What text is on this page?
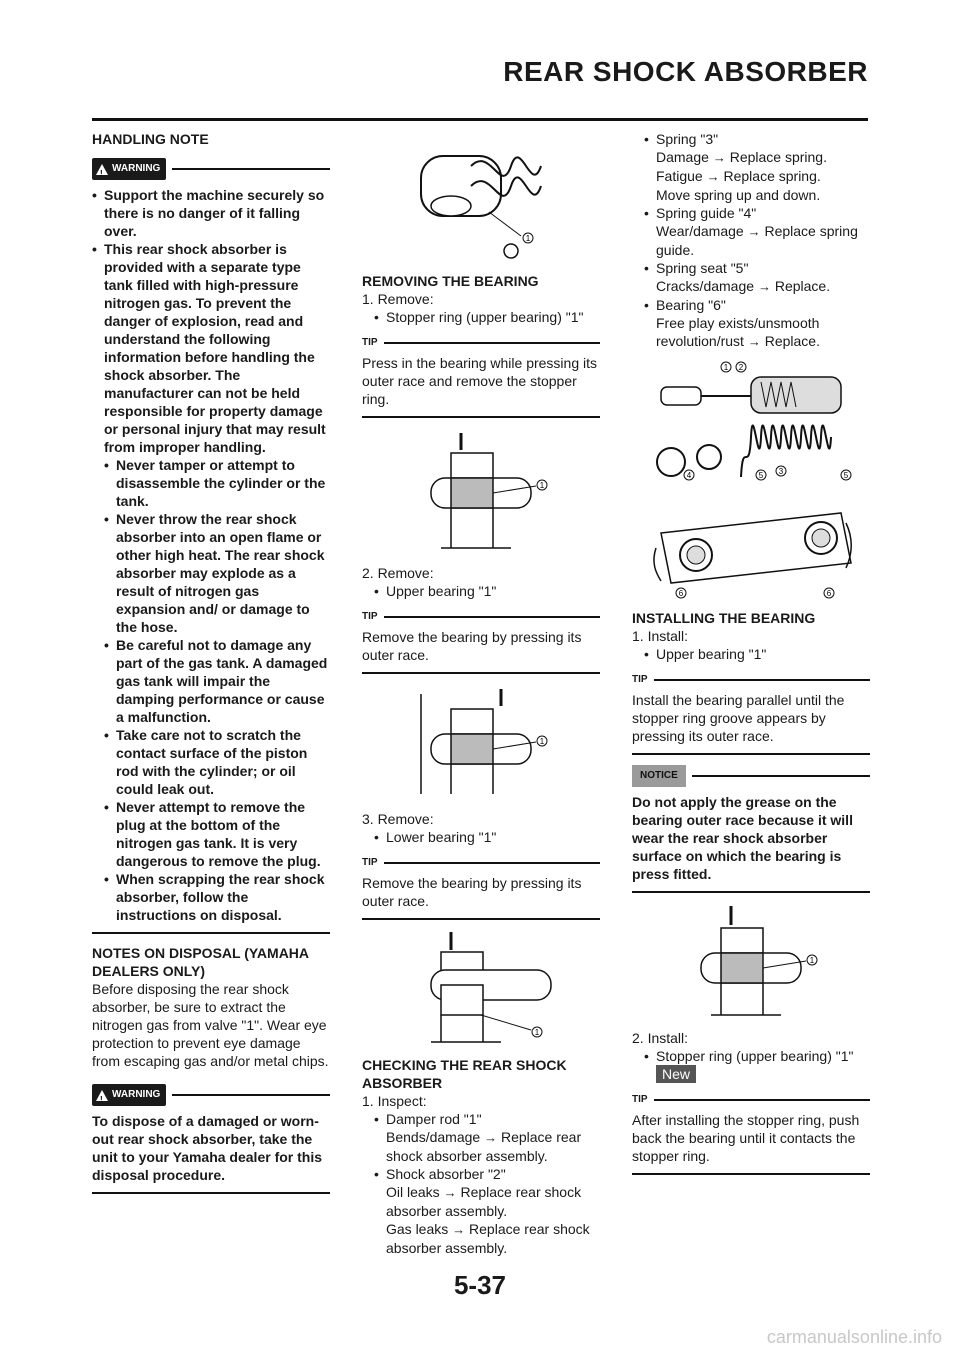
REAR SHOCK ABSORBER

HANDLING NOTE

! WARNING
• Support the machine securely so there is no danger of it falling over.
• This rear shock absorber is provided with a separate type tank filled with high-pressure nitrogen gas. To prevent the danger of explosion, read and understand the following information before handling the shock absorber. The manufacturer can not be held responsible for property damage or personal injury that may result from improper handling.
• Never tamper or attempt to disassemble the cylinder or the tank.
• Never throw the rear shock absorber into an open flame or other high heat. The rear shock absorber may explode as a result of nitrogen gas expansion and/ or damage to the hose.
• Be careful not to damage any part of the gas tank. A damaged gas tank will impair the damping performance or cause a malfunction.
• Take care not to scratch the contact surface of the piston rod with the cylinder; or oil could leak out.
• Never attempt to remove the plug at the bottom of the nitrogen gas tank. It is very dangerous to remove the plug.
• When scrapping the rear shock absorber, follow the instructions on disposal.

NOTES ON DISPOSAL (YAMAHA DEALERS ONLY)

Before disposing the rear shock absorber, be sure to extract the nitrogen gas from valve "1". Wear eye protection to prevent eye damage from escaping gas and/or metal chips.

! WARNING

To dispose of a damaged or worn-out rear shock absorber, take the unit to your Yamaha dealer for this disposal procedure.

1

REMOVING THE BEARING

1. Remove:

• Stopper ring (upper bearing) "1"
TIP

Press in the bearing while pressing its outer race and remove the stopper ring.

1

2. Remove:

• Upper bearing "1"
TIP

Remove the bearing by pressing its outer race.

1

3. Remove:

• Lower bearing "1"
TIP

Remove the bearing by pressing its outer race.

1

CHECKING THE REAR SHOCK ABSORBER

1. Inspect:

• Damper rod "1"

Bends/damage → Replace rear shock absorber assembly.

• Shock absorber "2"

Oil leaks → Replace rear shock absorber assembly.

Gas leaks → Replace rear shock absorber assembly.

• Spring "3"

Damage → Replace spring.

Fatigue → Replace spring.

Move spring up and down.

• Spring guide "4"

Wear/damage → Replace spring guide.

• Spring seat "5"

Cracks/damage → Replace.

• Bearing "6"

Free play exists/unsmooth revolution/rust → Replace.

1 2
4	5 3	5
6	6

INSTALLING THE BEARING

1. Install:

• Upper bearing "1"
TIP

Install the bearing parallel until the stopper ring groove appears by pressing its outer race.

NOTICE

Do not apply the grease on the bearing outer race because it will wear the rear shock absorber surface on which the bearing is press fitted.

1

2. Install:

• Stopper ring (upper bearing) "1"
New
TIP

After installing the stopper ring, push back the bearing until it contacts the stopper ring.

5-37
carmanualsonline.info
